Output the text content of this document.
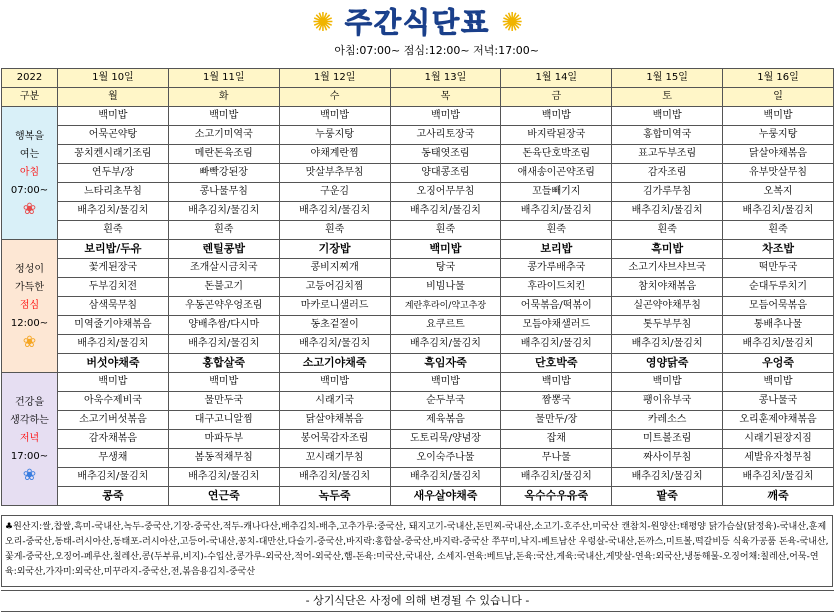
✺ 주간식단표 ✺
아침:07:00~ 점심:12:00~ 저녁:17:00~
2022	1월 10일	1월 11일	1월 12일	1월 13일	1월 14일	1월 15일	1월 16일
구분	월	화	수	목	금	토	일

행복을
여는
아침
07:00~
❀	백미밥	백미밥	백미밥	백미밥	백미밥	백미밥	백미밥
	어묵곤약탕	소고기미역국	누룽지탕	고사리토장국	바지락된장국	홍합미역국	누룽지탕
	꽁치켄시래기조림	메란돈육조림	야채계란찜	동태엿조림	돈육단호박조림	표고두부조림	닭살야채볶음
	연두부/장	빠빡강된장	맛살부추무침	양대콩조림	애새송이곤약조림	감자조림	유부맛살무침
	느타리초무침	콩나물무침	구운김	오징어무무침	꼬들빼기지	김가루무침	오복지
	배추김치/물김치	배추김치/물김치	배추김치/물김치	배추김치/물김치	배추김치/물김치	배추김치/물김치	배추김치/물김치
	흰죽	흰죽	흰죽	흰죽	흰죽	흰죽	흰죽

정성이
가득한
점심
12:00~
❀	보리밥/두유	렌틸콩밥	기장밥	백미밥	보리밥	흑미밥	차조밥
	꽃게된장국	조개살시금치국	콩비지찌개	탕국	콩가루배추국	소고기샤브샤브국	떡만두국
	두부김치전	돈불고기	고등어김치찜	비빔나물	후라이드치킨	참치야채볶음	순대두루치기
	삼색묵무침	우동곤약우엉조림	마카로니샐러드	계란후라이/약고추장	어묵볶음/떡볶이	실곤약야채무침	모듬어묵볶음
	미역줄기야채볶음	양배추쌈/다시마	동초겉절이	요쿠르트	모듬야채샐러드	톳두부무침	통배추나물
	배추김치/물김치	배추김치/물김치	배추김치/물김치	배추김치/물김치	배추김치/물김치	배추김치/물김치	배추김치/물김치
	버섯야채죽	홍합살죽	소고기야채죽	흑임자죽	단호박죽	영양닭죽	우엉죽

건강을
생각하는
저녁
17:00~
❀	백미밥	백미밥	백미밥	백미밥	백미밥	백미밥	백미밥
	아욱수제비국	물만두국	시래기국	순두부국	짬뽕국	팽이유부국	콩나물국
	소고기버섯볶음	대구고니알찜	닭살야채볶음	제육볶음	물만두/장	카레소스	오리훈제야채볶음
	감자채볶음	마파두부	봉어묵감자조림	도토리묵/양념장	잡채	미트볼조림	시래기된장지짐
	무생채	봄동적채무침	꼬시래기무침	오이숙주나물	무나물	짜사이무침	세발유자청무침
	배추김치/물김치	배추김치/물김치	배추김치/물김치	배추김치/물김치	배추김치/물김치	배추김치/물김치	배추김치/물김치
	콩죽	연근죽	녹두죽	새우살야채죽	옥수수우유죽	팥죽	깨죽
♣원산지:쌀,찹쌀,흑미-국내산,녹두-중국산,기장-중국산,적두-캐나다산,배추김치-배추,고추가루:중국산, 돼지고기-국내산,돈민찌-국내산,소고기-호주산,미국산 캔참치-원양산:태평양 닭가슴살(닭정육)-국내산,훈제오리-중국산,동태-러시아산,동태포-러시아산,고등어-국내산,꽁치-대만산,다슬기-중국산,바지락:홍합살-중국산,바지락-중국산 쭈꾸미,낙지-베트남산 우렁살-국내산,돈까스,미트볼,떡갈비등 식육가공품 돈육-국내산,꽃게-중국산,오징어-페루산,칠레산,콩(두부류,비지)-수입산,콩가루-외국산,적어-외국산,햄-돈육:미국산,국내산, 소세지-연육:베트남,돈육:국산,게육:국내산,게맛살-연육:외국산,냉동해물-오징어채:칠레산,어묵-연육:외국산,가자미:외국산,미꾸라지-중국산,전,볶음용김치-중국산
- 상기식단은 사정에 의해 변경될 수 있습니다 -
